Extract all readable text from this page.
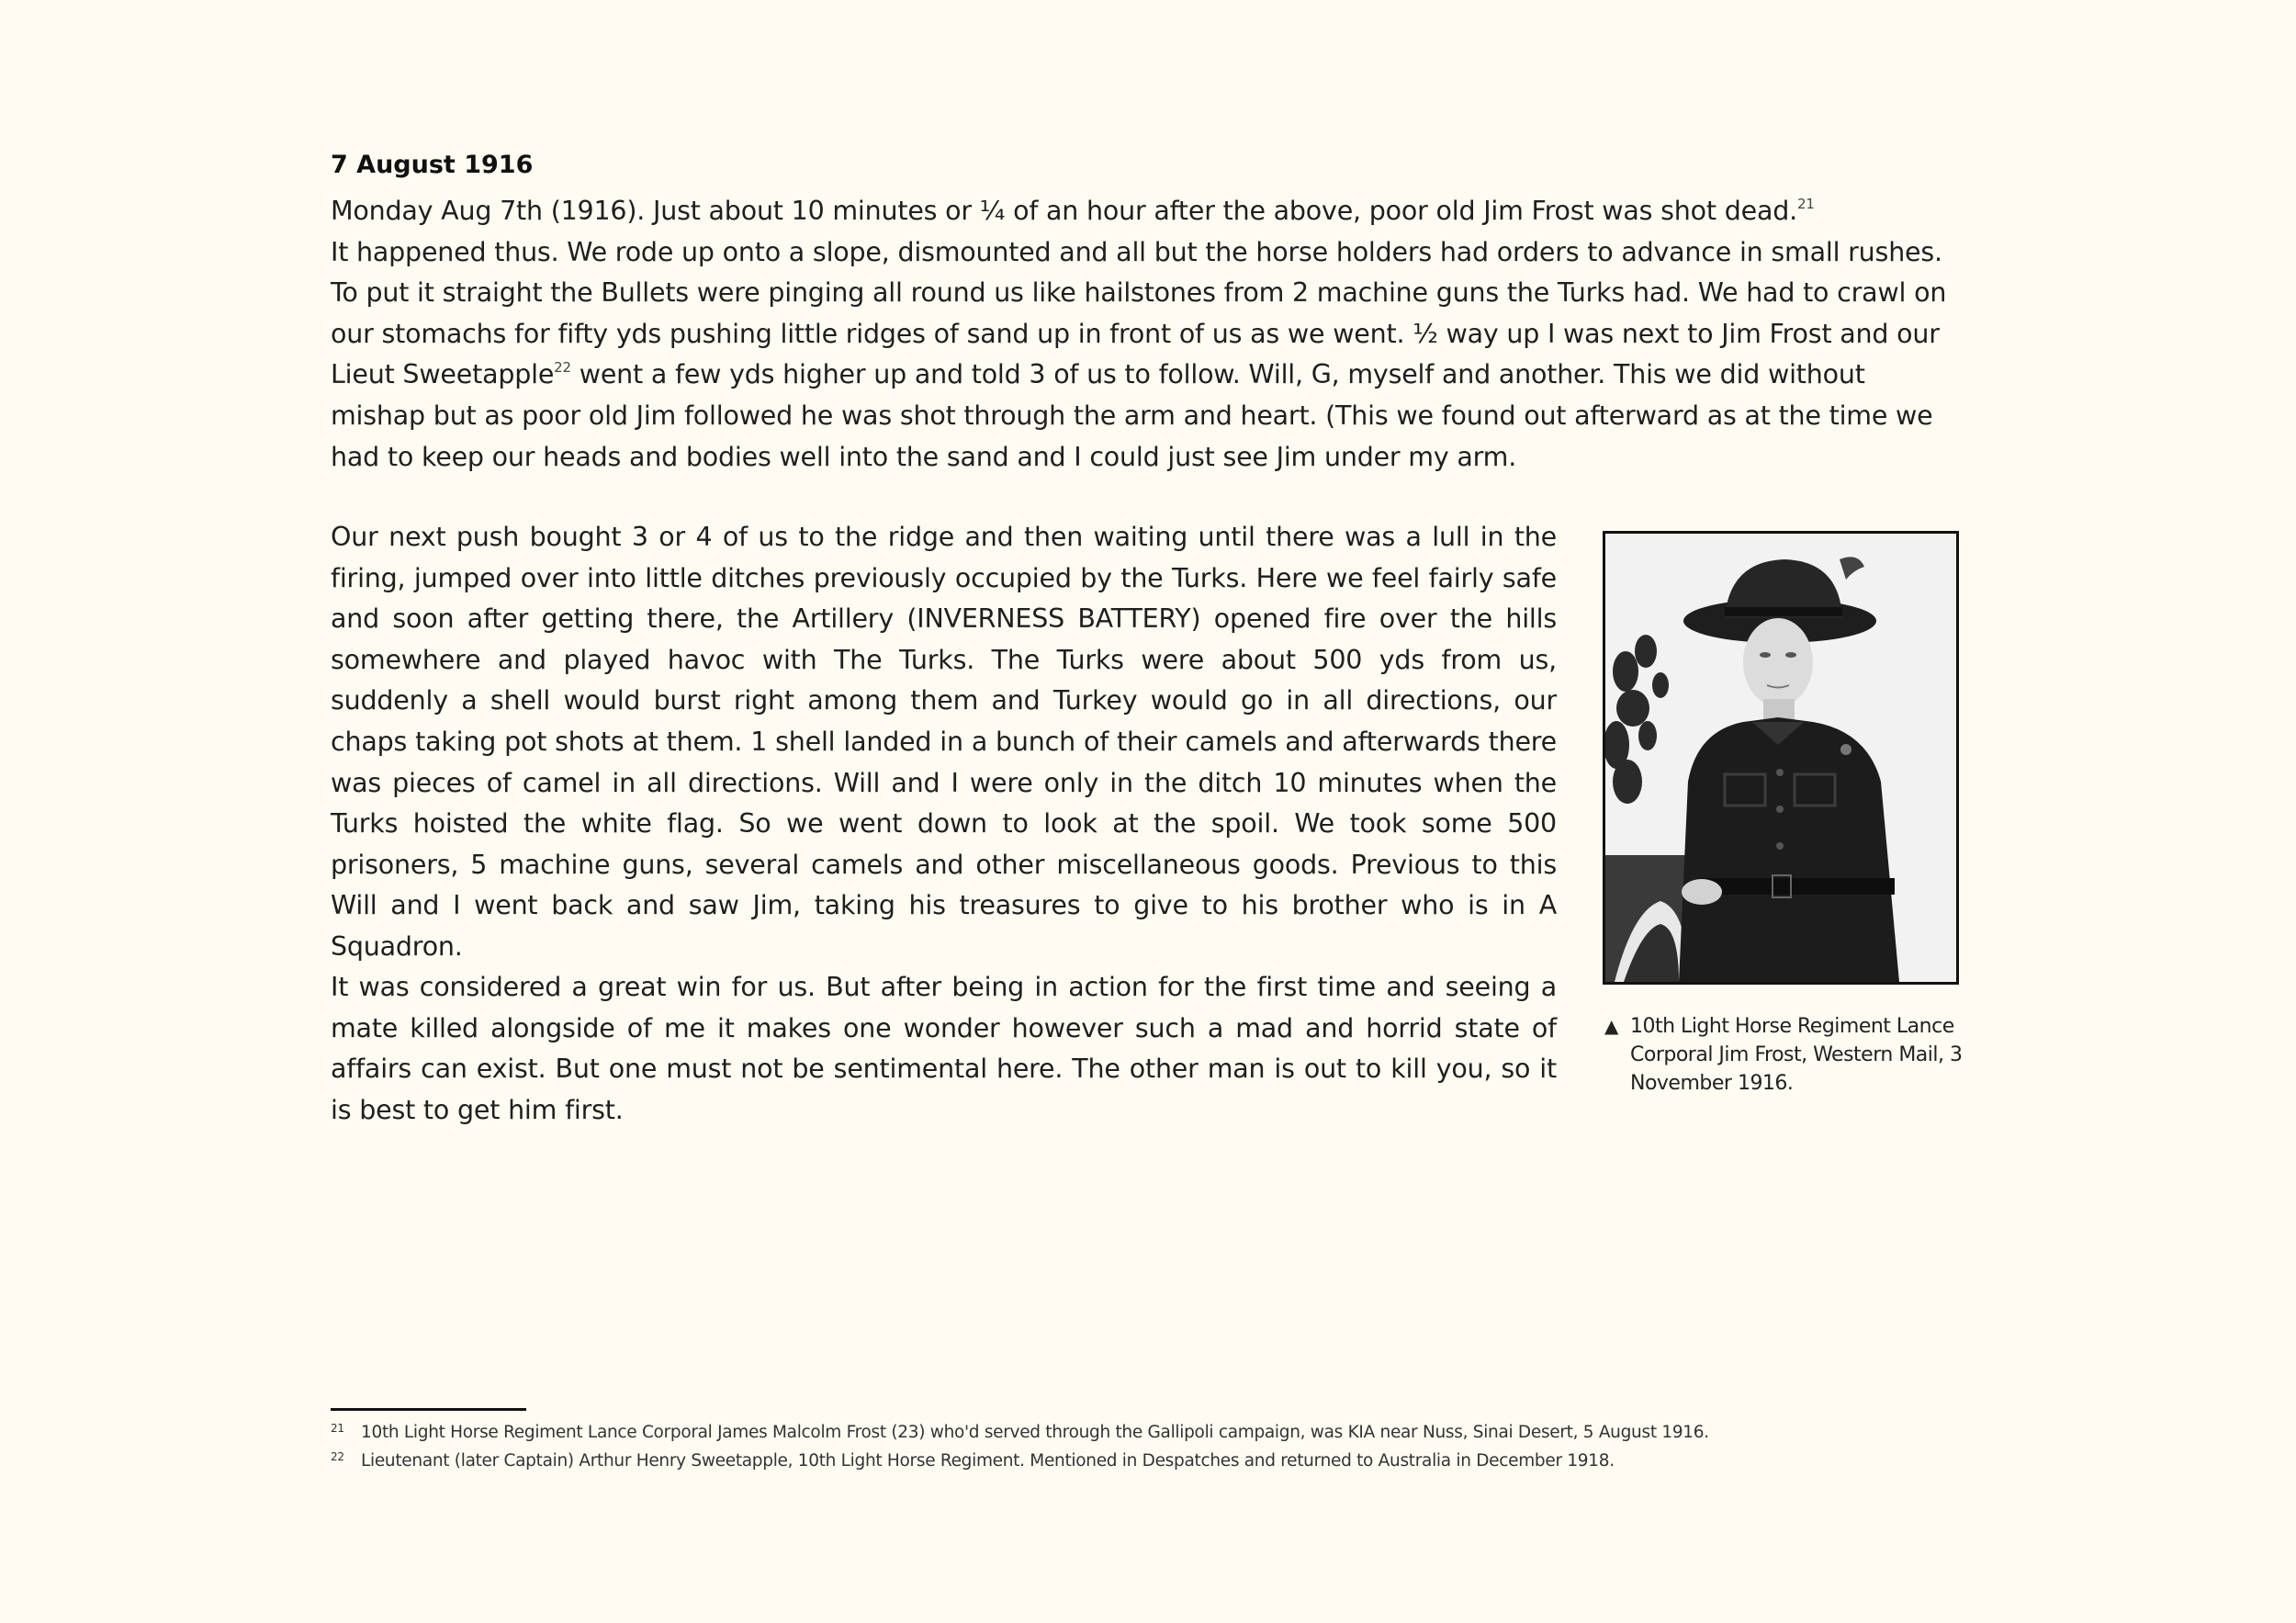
7 August 1916

Monday Aug 7th (1916). Just about 10 minutes or ¼ of an hour after the above, poor old Jim Frost was shot dead.$^{21}$
It happened thus. We rode up onto a slope, dismounted and all but the horse holders had orders to advance in small rushes. To put it straight the Bullets were pinging all round us like hailstones from 2 machine guns the Turks had. We had to crawl on our stomachs for fifty yds pushing little ridges of sand up in front of us as we went. ½ way up I was next to Jim Frost and our Lieut Sweetapple$^{22}$ went a few yds higher up and told 3 of us to follow. Will, G, myself and another. This we did without mishap but as poor old Jim followed he was shot through the arm and heart. (This we found out afterward as at the time we had to keep our heads and bodies well into the sand and I could just see Jim under my arm.

Our next push bought 3 or 4 of us to the ridge and then waiting until there was a lull in the firing, jumped over into little ditches previously occupied by the Turks. Here we feel fairly safe and soon after getting there, the Artillery (INVERNESS BATTERY) opened fire over the hills somewhere and played havoc with The Turks. The Turks were about 500 yds from us, suddenly a shell would burst right among them and Turkey would go in all directions, our chaps taking pot shots at them. 1 shell landed in a bunch of their camels and afterwards there was pieces of camel in all directions. Will and I were only in the ditch 10 minutes when the Turks hoisted the white flag. So we went down to look at the spoil. We took some 500 prisoners, 5 machine guns, several camels and other miscellaneous goods. Previous to this Will and I went back and saw Jim, taking his treasures to give to his brother who is in A Squadron.

It was considered a great win for us. But after being in action for the first time and seeing a mate killed alongside of me it makes one wonder however such a mad and horrid state of affairs can exist. But one must not be sentimental here. The other man is out to kill you, so it is best to get him first.

▲ 10th Light Horse Regiment Lance Corporal Jim Frost, Western Mail, 3 November 1916.
21 10th Light Horse Regiment Lance Corporal James Malcolm Frost (23) who'd served through the Gallipoli campaign, was KIA near Nuss, Sinai Desert, 5 August 1916.
22 Lieutenant (later Captain) Arthur Henry Sweetapple, 10th Light Horse Regiment. Mentioned in Despatches and returned to Australia in December 1918.
